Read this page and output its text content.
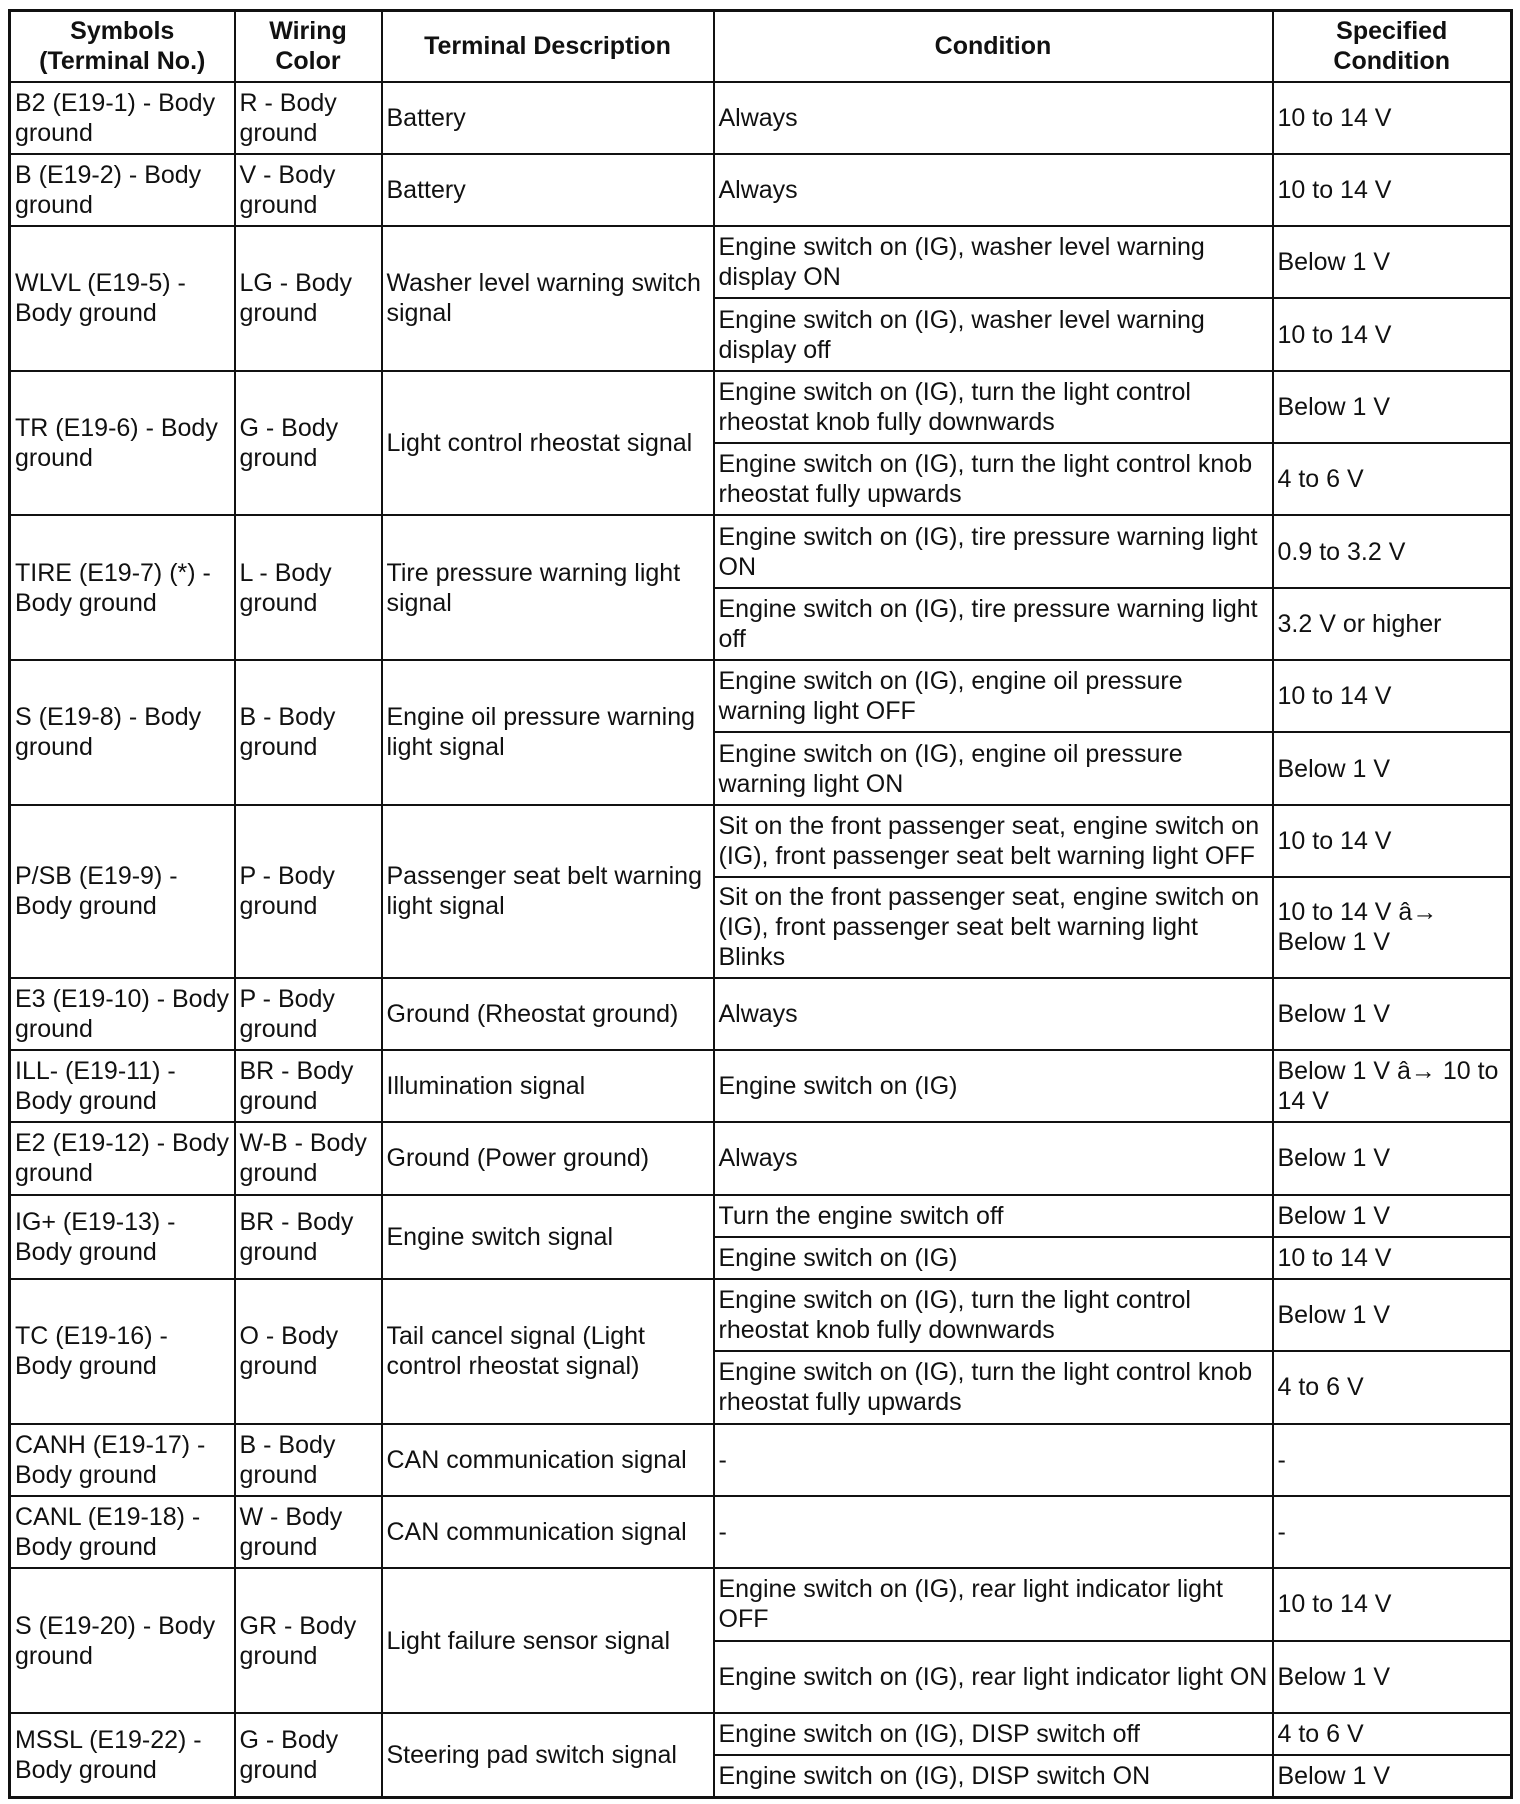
Symbols (Terminal No.)	Wiring Color	Terminal Description	Condition	Specified Condition
B2 (E19-1) - Body ground	R - Body ground	Battery	Always	10 to 14 V
B (E19-2) - Body ground	V - Body ground	Battery	Always	10 to 14 V
WLVL (E19-5) - Body ground	LG - Body ground	Washer level warning switch signal	Engine switch on (IG), washer level warning display ON	Below 1 V
			Engine switch on (IG), washer level warning display off	10 to 14 V
TR (E19-6) - Body ground	G - Body ground	Light control rheostat signal	Engine switch on (IG), turn the light control rheostat knob fully downwards	Below 1 V
			Engine switch on (IG), turn the light control knob rheostat fully upwards	4 to 6 V
TIRE (E19-7) (*) - Body ground	L - Body ground	Tire pressure warning light signal	Engine switch on (IG), tire pressure warning light ON	0.9 to 3.2 V
			Engine switch on (IG), tire pressure warning light off	3.2 V or higher
S (E19-8) - Body ground	B - Body ground	Engine oil pressure warning light signal	Engine switch on (IG), engine oil pressure warning light OFF	10 to 14 V
			Engine switch on (IG), engine oil pressure warning light ON	Below 1 V
P/SB (E19-9) - Body ground	P - Body ground	Passenger seat belt warning light signal	Sit on the front passenger seat, engine switch on (IG), front passenger seat belt warning light OFF	10 to 14 V
			Sit on the front passenger seat, engine switch on (IG), front passenger seat belt warning light Blinks	10 to 14 V â→ Below 1 V
E3 (E19-10) - Body ground	P - Body ground	Ground (Rheostat ground)	Always	Below 1 V
ILL- (E19-11) - Body ground	BR - Body ground	Illumination signal	Engine switch on (IG)	Below 1 V â→ 10 to 14 V
E2 (E19-12) - Body ground	W-B - Body ground	Ground (Power ground)	Always	Below 1 V
IG+ (E19-13) - Body ground	BR - Body ground	Engine switch signal	Turn the engine switch off	Below 1 V
			Engine switch on (IG)	10 to 14 V
TC (E19-16) - Body ground	O - Body ground	Tail cancel signal (Light control rheostat signal)	Engine switch on (IG), turn the light control rheostat knob fully downwards	Below 1 V
			Engine switch on (IG), turn the light control knob rheostat fully upwards	4 to 6 V
CANH (E19-17) - Body ground	B - Body ground	CAN communication signal	-	-
CANL (E19-18) - Body ground	W - Body ground	CAN communication signal	-	-
S (E19-20) - Body ground	GR - Body ground	Light failure sensor signal	Engine switch on (IG), rear light indicator light OFF	10 to 14 V
			Engine switch on (IG), rear light indicator light ON	Below 1 V
MSSL (E19-22) - Body ground	G - Body ground	Steering pad switch signal	Engine switch on (IG), DISP switch off	4 to 6 V
			Engine switch on (IG), DISP switch ON	Below 1 V
